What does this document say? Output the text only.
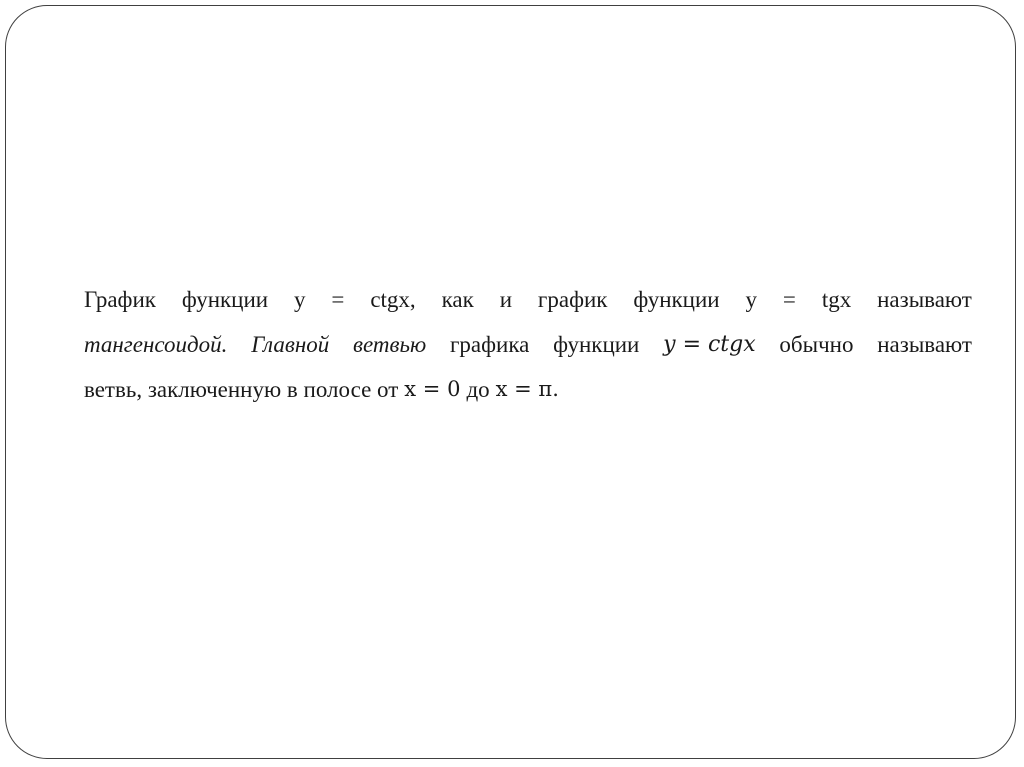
График функции y = ctgx, как и график функции y = tgx называют
тангенсоидой. Главной ветвью графика функции y = ctgx обычно называют
ветвь, заключенную в полосе от x = 0 до x = π.
